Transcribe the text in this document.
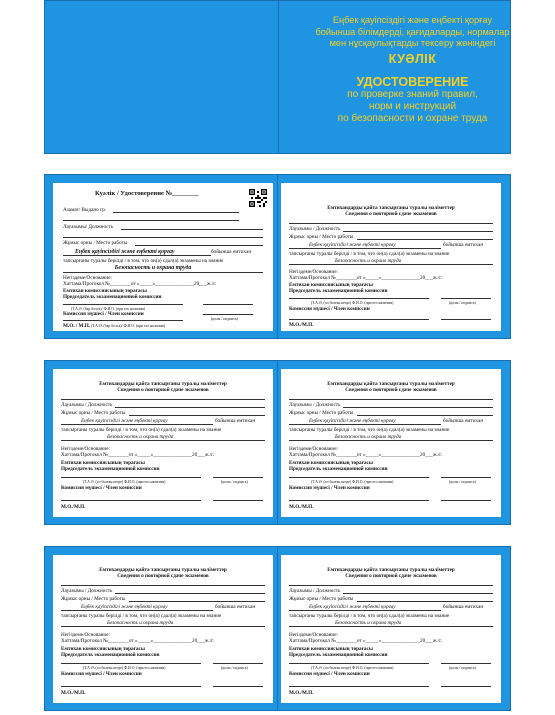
Еңбек қауіпсіздігі және еңбекті қорғау
бойынша білімдерді, қағидаларды, нормалар
мен нұсқаулықтарды тексеру жөніндегі
КУӘЛІК
УДОСТОВЕРЕНИЕ
по проверке знаний правил,
норм и инструкций
по безопасности и охране труда
Куәлік / Удостоверение №________
Азамат/ Выдано гр.
Лауазымы/ Должность
Жұмыс орны / Место работы
Еңбек қауіпсіздігі және еңбекті қорғау	бойынша емтихан
тапсырғаны туралы берілді / в том, что он(а) сдал(а) экзамены на знание
Безопасность и охрана труда
Негіздеме/Основание:
Хаттама/Протокол №________от «_____»_______________20___ж./г.
Емтихан комиссиясының төрағасы
Председатель экзаменационной комиссии
(Т.А.Ә. (бар болса)/ Ф.И.О. (при его наличии)
Комиссия мүшесі / Член комиссии
(қолы / подпись)
М.О. / М.П. (Т.А.Ә. (бар болса)/ Ф.И.О. (при его наличии)
Емтихандарды қайта тапсырғаны туралы мәліметтер
Сведения о повторной сдаче экзаменов
Лауазымы / Должность
Жұмыс орны / Место работы
Еңбек қауіпсіздігі және еңбекті қорғау	бойынша емтихан
тапсырғаны туралы берілді / в том, что он(а) сдал(а) экзамены на знание
Безопасность и охрана труда
Негіздеме/Основание:
Хаттама/Протокол №________от «_____»_______________20___ж./г.
Емтихан комиссиясының төрағасы
Председатель экзаменационной комиссии
(Т.А.Ә. (ол болған кезде) Ф.И.О. (при его наличии)	(қолы / подпись)
Комиссия мүшесі / Член комиссии
М.О./М.П.
Емтихандарды қайта тапсырғаны туралы мәліметтер
Сведения о повторной сдаче экзаменов
Лауазымы / Должность
Жұмыс орны / Место работы
Еңбек қауіпсіздігі және еңбекті қорғау	бойынша емтихан
тапсырғаны туралы берілді / в том, что он(а) сдал(а) экзамены на знание
Безопасность и охрана труда
Негіздеме/Основание:
Хаттама/Протокол №________от «_____»_______________20___ж./г.
Емтихан комиссиясының төрағасы
Председатель экзаменационной комиссии
(Т.А.Ә. (ол болған кезде) Ф.И.О. (при его наличии)	(қолы / подпись)
Комиссия мүшесі / Член комиссии
М.О./М.П.
Емтихандарды қайта тапсырғаны туралы мәліметтер
Сведения о повторной сдаче экзаменов
Лауазымы / Должность
Жұмыс орны / Место работы
Еңбек қауіпсіздігі және еңбекті қорғау	бойынша емтихан
тапсырғаны туралы берілді / в том, что он(а) сдал(а) экзамены на знание
Безопасность и охрана труда
Негіздеме/Основание:
Хаттама/Протокол №________от «_____»_______________20___ж./г.
Емтихан комиссиясының төрағасы
Председатель экзаменационной комиссии
(Т.А.Ә. (ол болған кезде) Ф.И.О. (при его наличии)	(қолы / подпись)
Комиссия мүшесі / Член комиссии
М.О./М.П.
Емтихандарды қайта тапсырғаны туралы мәліметтер
Сведения о повторной сдаче экзаменов
Лауазымы / Должность
Жұмыс орны / Место работы
Еңбек қауіпсіздігі және еңбекті қорғау	бойынша емтихан
тапсырғаны туралы берілді / в том, что он(а) сдал(а) экзамены на знание
Безопасность и охрана труда
Негіздеме/Основание:
Хаттама/Протокол №________от «_____»_______________20___ж./г.
Емтихан комиссиясының төрағасы
Председатель экзаменационной комиссии
(Т.А.Ә. (ол болған кезде) Ф.И.О. (при его наличии)	(қолы / подпись)
Комиссия мүшесі / Член комиссии
М.О./М.П.
Емтихандарды қайта тапсырғаны туралы мәліметтер
Сведения о повторной сдаче экзаменов
Лауазымы / Должность
Жұмыс орны / Место работы
Еңбек қауіпсіздігі және еңбекті қорғау	бойынша емтихан
тапсырғаны туралы берілді / в том, что он(а) сдал(а) экзамены на знание
Безопасность и охрана труда
Негіздеме/Основание:
Хаттама/Протокол №________от «_____»_______________20___ж./г.
Емтихан комиссиясының төрағасы
Председатель экзаменационной комиссии
(Т.А.Ә. (ол болған кезде) Ф.И.О. (при его наличии)	(қолы / подпись)
Комиссия мүшесі / Член комиссии
М.О./М.П.
